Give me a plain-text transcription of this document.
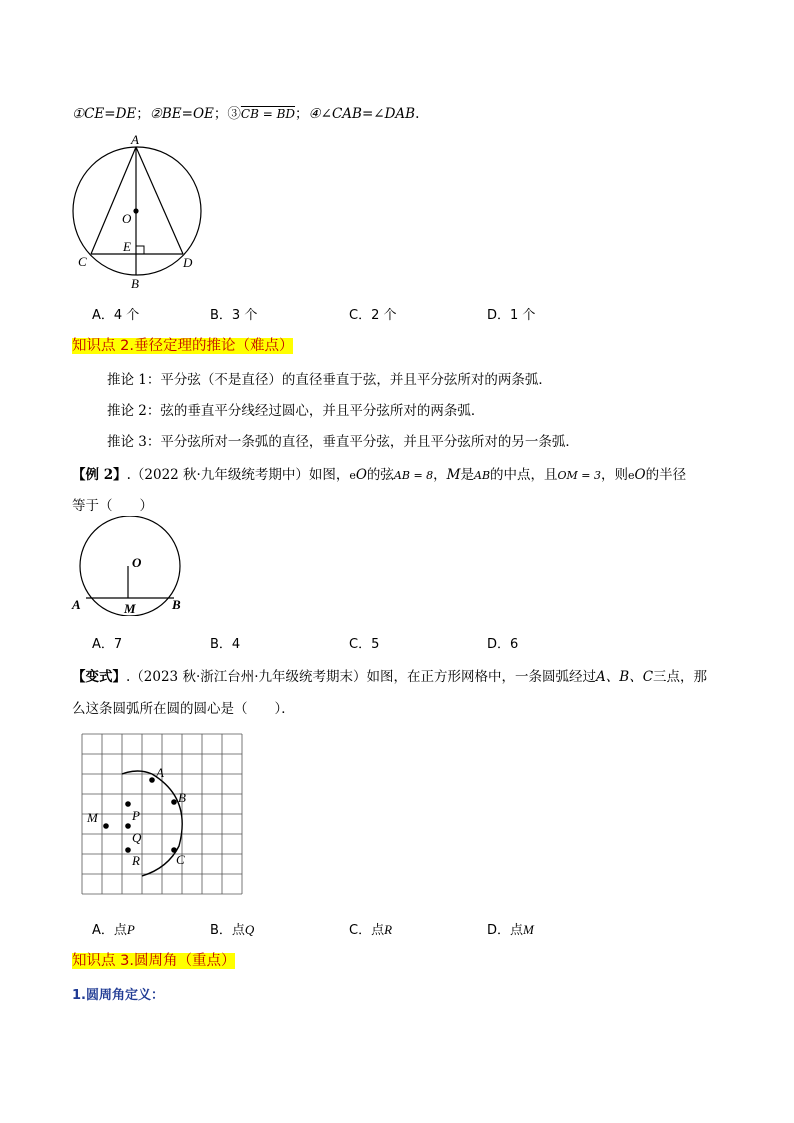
①CE=DE；②BE=OE；③CB = BD；④∠CAB=∠DAB.
A
O
E
C	D
B
A．4 个	B．3 个	C．2 个	D．1 个
知识点 2.垂径定理的推论（难点）
推论 1：平分弦（不是直径）的直径垂直于弦，并且平分弦所对的两条弧．
推论 2：弦的垂直平分线经过圆心，并且平分弦所对的两条弧．
推论 3：平分弦所对一条弧的直径，垂直平分弦，并且平分弦所对的另一条弧．
【例 2】.（2022 秋·九年级统考期中）如图，eO的弦AB = 8，M是AB的中点，且OM = 3，则eO的半径
等于（　　）
O
A	M	B
A．7	B．4	C．5	D．6
【变式】.（2023 秋·浙江台州·九年级统考期末）如图，在正方形网格中，一条圆弧经过A、B、C三点，那
么这条圆弧所在圆的圆心是（　　）．
A
B
C
M	P
Q
R
A．点P	B．点Q	C．点R	D．点M
知识点 3.圆周角（重点）
1.圆周角定义：
